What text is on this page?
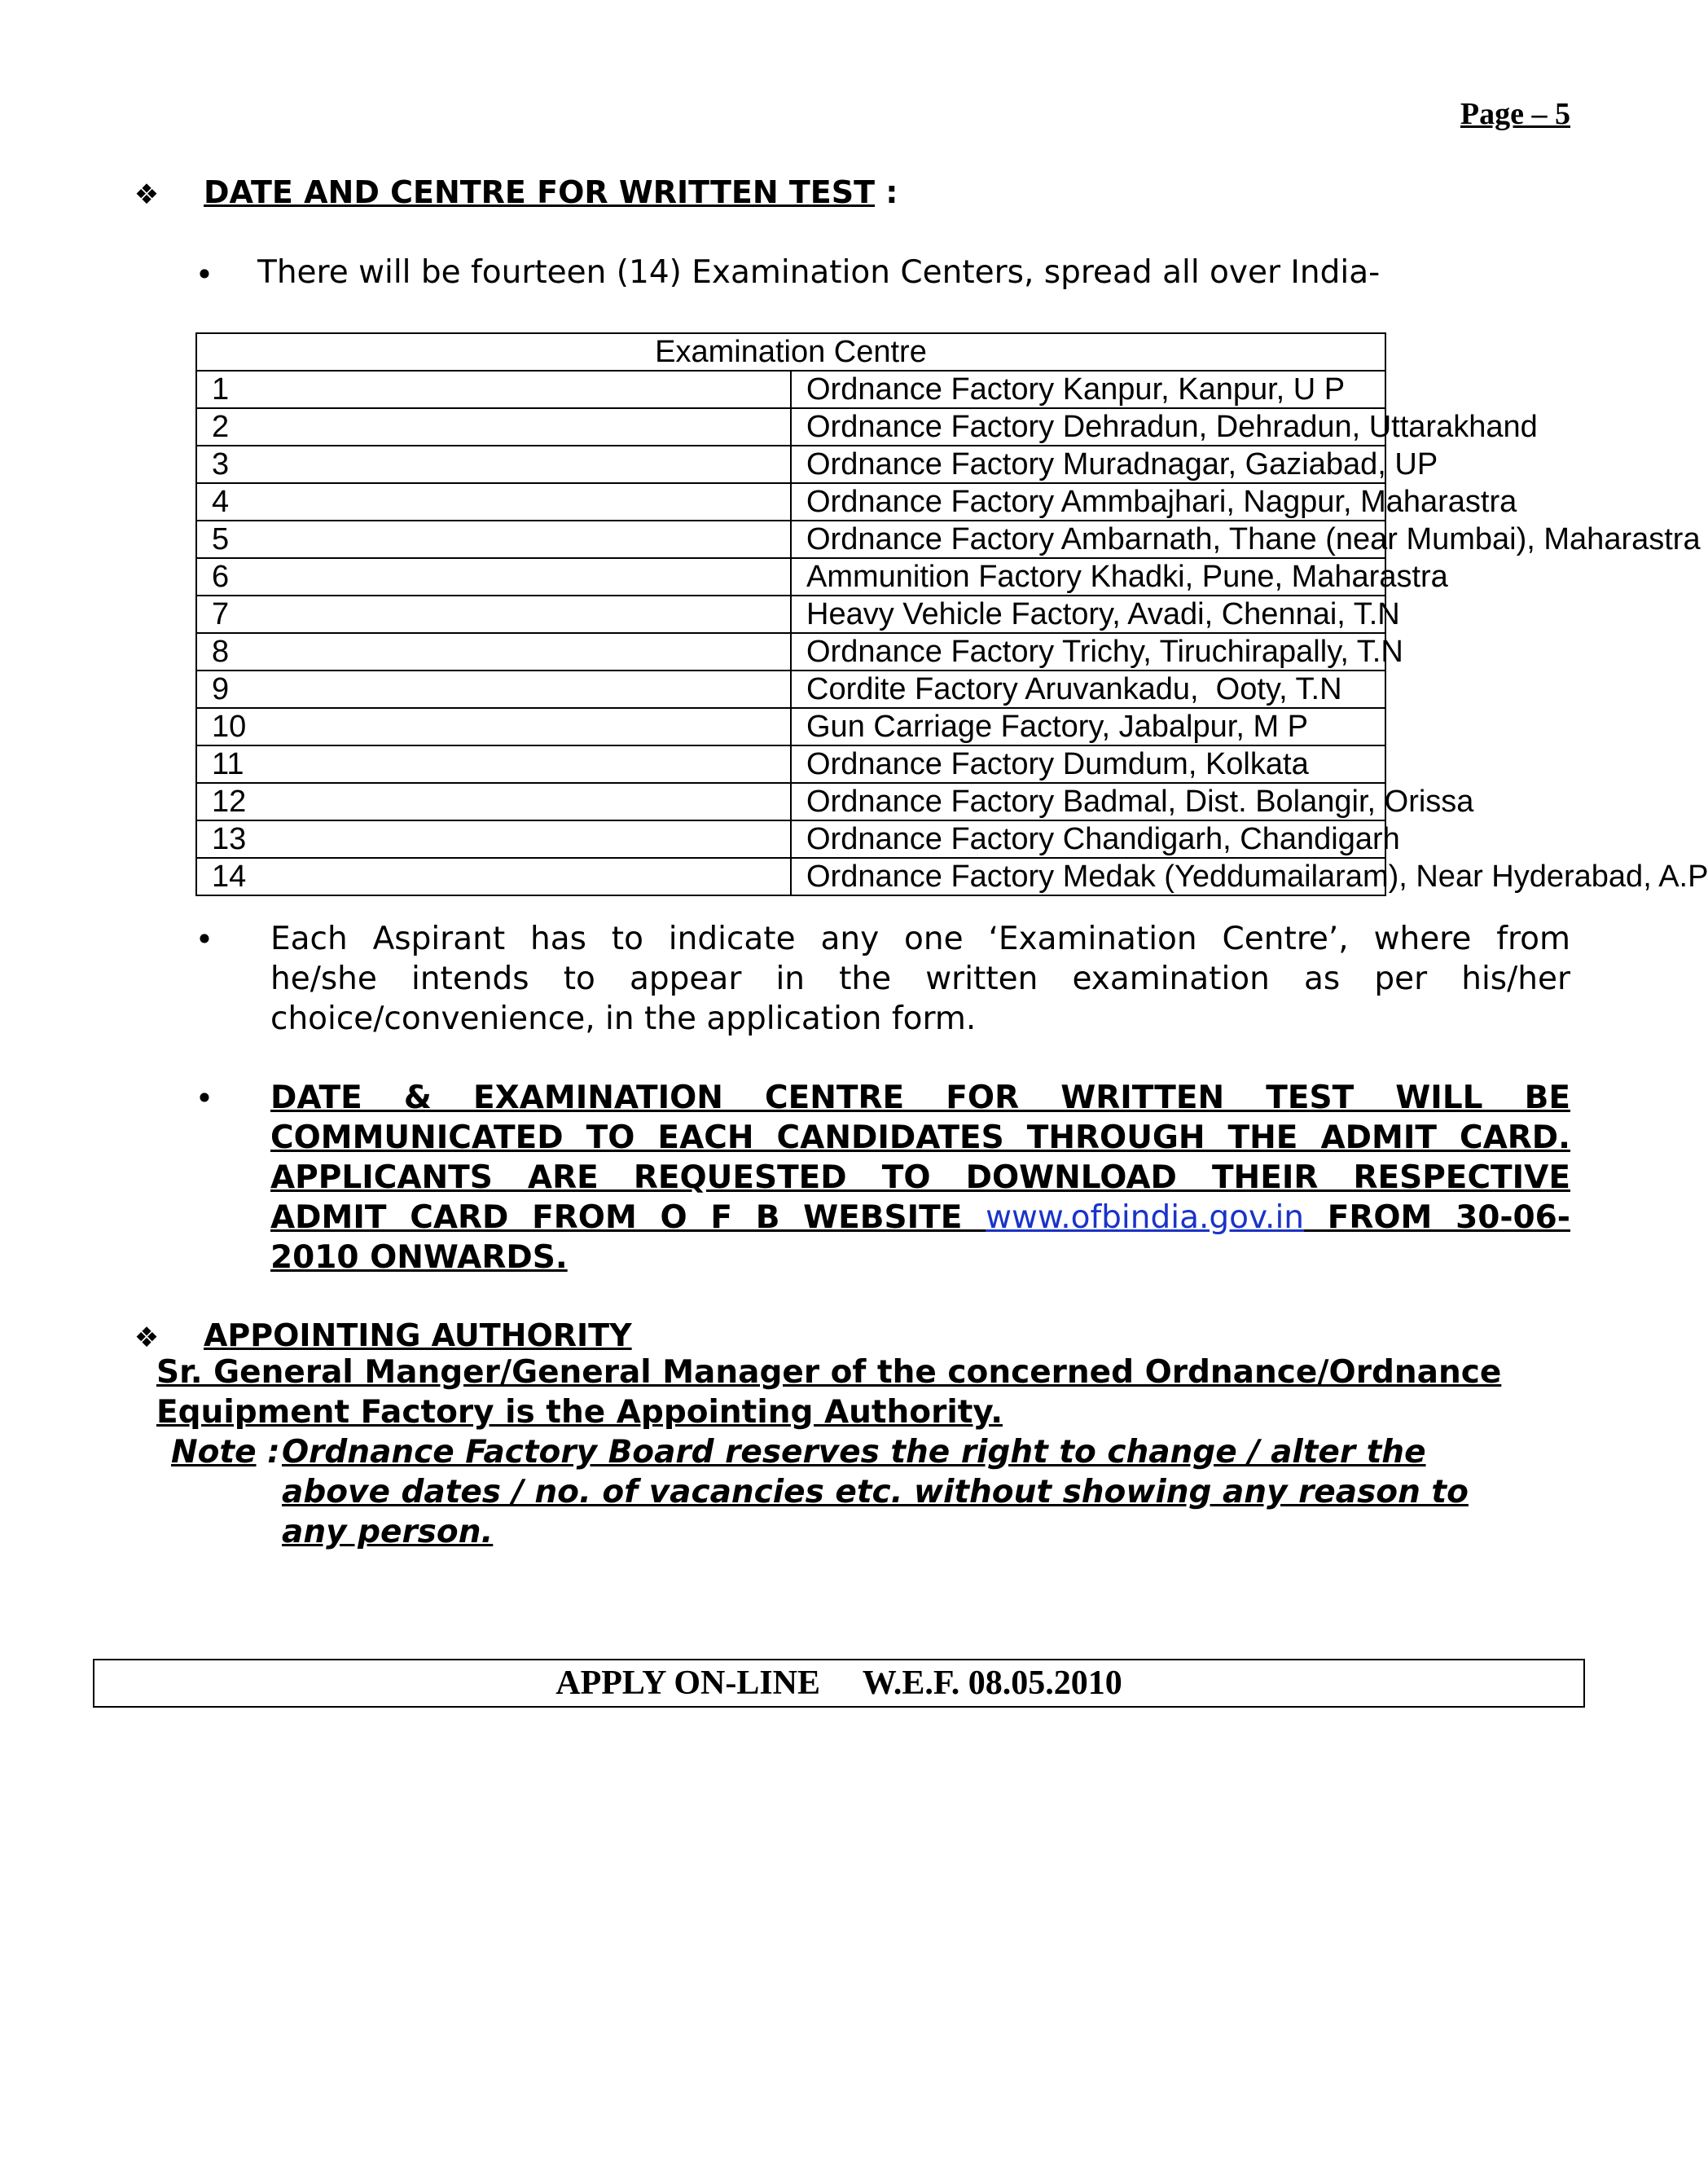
Page – 5

❖ DATE AND CENTRE FOR WRITTEN TEST :

• There will be fourteen (14) Examination Centers, spread all over India-

Examination Centre	
1	Ordnance Factory Kanpur, Kanpur, U P
2	Ordnance Factory Dehradun, Dehradun, Uttarakhand
3	Ordnance Factory Muradnagar, Gaziabad, UP
4	Ordnance Factory Ammbajhari, Nagpur, Maharastra
5	Ordnance Factory Ambarnath, Thane (near Mumbai), Maharastra
6	Ammunition Factory Khadki, Pune, Maharastra
7	Heavy Vehicle Factory, Avadi, Chennai, T.N
8	Ordnance Factory Trichy, Tiruchirapally, T.N
9	Cordite Factory Aruvankadu,  Ooty, T.N
10	Gun Carriage Factory, Jabalpur, M P
11	Ordnance Factory Dumdum, Kolkata
12	Ordnance Factory Badmal, Dist. Bolangir, Orissa
13	Ordnance Factory Chandigarh, Chandigarh
14	Ordnance Factory Medak (Yeddumailaram), Near Hyderabad, A.P
• Each Aspirant has to indicate any one ‘Examination Centre’, where from

he/she intends to appear in the written examination as per his/her

choice/convenience, in the application form.

• DATE & EXAMINATION CENTRE FOR WRITTEN TEST WILL BE

COMMUNICATED TO EACH CANDIDATES THROUGH THE ADMIT CARD.

APPLICANTS ARE REQUESTED TO DOWNLOAD THEIR RESPECTIVE

ADMIT CARD FROM O F B WEBSITE www.ofbindia.gov.in FROM 30-06-

2010 ONWARDS.

❖ APPOINTING AUTHORITY

Sr. General Manger/General Manager of the concerned Ordnance/Ordnance Equipment Factory is the Appointing Authority.

Note :

Ordnance Factory Board reserves the right to change / alter the above dates / no. of vacancies etc. without showing any reason to any person.

APPLY ON-LINE     W.E.F. 08.05.2010
